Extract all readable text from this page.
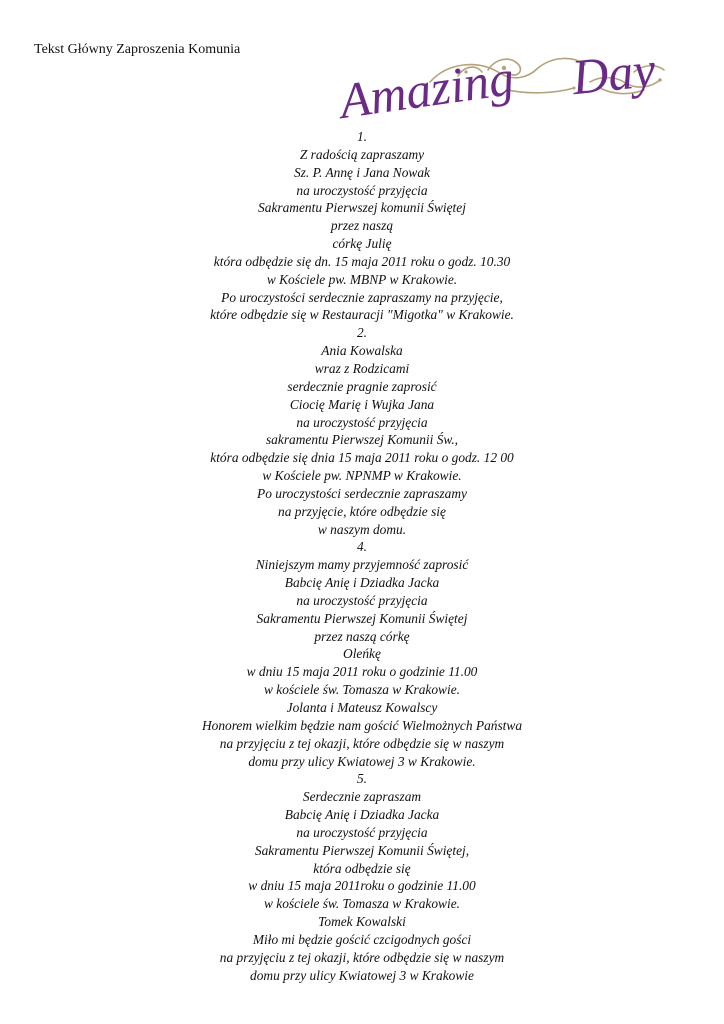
Tekst Główny Zaproszenia Komunia Amazing Day
1.
Z radością zapraszamy
Sz. P. Annę i Jana Nowak
na uroczystość przyjęcia
Sakramentu Pierwszej komunii Świętej
przez naszą
córkę Julię
która odbędzie się dn. 15 maja 2011 roku o godz. 10.30
w Kościele pw. MBNP w Krakowie.
Po uroczystości serdecznie zapraszamy na przyjęcie,
które odbędzie się w Restauracji "Migotka" w Krakowie.
2.
Ania Kowalska
wraz z Rodzicami
serdecznie pragnie zaprosić
Ciocię Marię i Wujka Jana
na uroczystość przyjęcia
sakramentu Pierwszej Komunii Św.,
która odbędzie się dnia 15 maja 2011 roku o godz. 12 00
w Kościele pw. NPNMP w Krakowie.
Po uroczystości serdecznie zapraszamy
na przyjęcie, które odbędzie się
w naszym domu.
4.
Niniejszym mamy przyjemność zaprosić
Babcię Anię i Dziadka Jacka
na uroczystość przyjęcia
Sakramentu Pierwszej Komunii Świętej
przez naszą córkę
Oleńkę
w dniu 15 maja 2011 roku o godzinie 11.00
w kościele św. Tomasza w Krakowie.
Jolanta i Mateusz Kowalscy
Honorem wielkim będzie nam gościć Wielmożnych Państwa
na przyjęciu z tej okazji, które odbędzie się w naszym
domu przy ulicy Kwiatowej 3 w Krakowie.
5.
Serdecznie zapraszam
Babcię Anię i Dziadka Jacka
na uroczystość przyjęcia
Sakramentu Pierwszej Komunii Świętej,
która odbędzie się
w dniu 15 maja 2011roku o godzinie 11.00
w kościele św. Tomasza w Krakowie.
Tomek Kowalski
Miło mi będzie gościć czcigodnych gości
na przyjęciu z tej okazji, które odbędzie się w naszym
domu przy ulicy Kwiatowej 3 w Krakowie
